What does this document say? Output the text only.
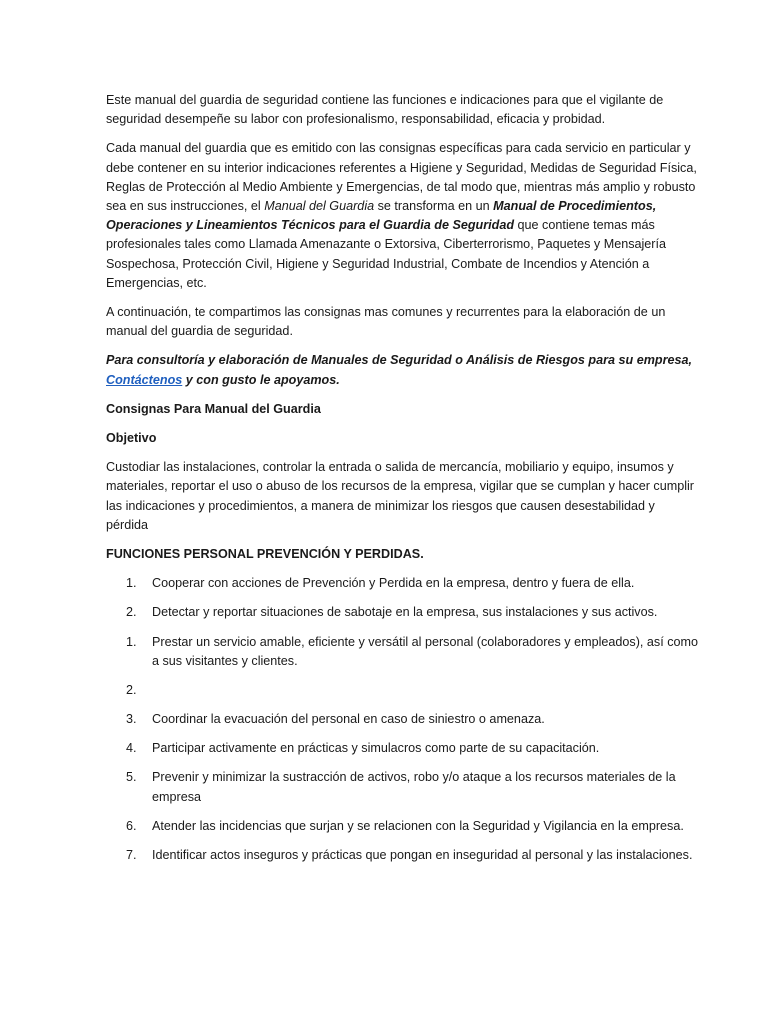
Este manual del guardia de seguridad contiene las funciones e indicaciones para que el vigilante de seguridad desempeñe su labor con profesionalismo, responsabilidad, eficacia y probidad.

Cada manual del guardia que es emitido con las consignas específicas para cada servicio en particular y debe contener en su interior indicaciones referentes a Higiene y Seguridad, Medidas de Seguridad Física, Reglas de Protección al Medio Ambiente y Emergencias, de tal modo que, mientras más amplio y robusto sea en sus instrucciones, el Manual del Guardia se transforma en un Manual de Procedimientos, Operaciones y Lineamientos Técnicos para el Guardia de Seguridad que contiene temas más profesionales tales como Llamada Amenazante o Extorsiva, Ciberterrorismo, Paquetes y Mensajería Sospechosa, Protección Civil, Higiene y Seguridad Industrial, Combate de Incendios y Atención a Emergencias, etc.

A continuación, te compartimos las consignas mas comunes y recurrentes para la elaboración de un manual del guardia de seguridad.

Para consultoría y elaboración de Manuales de Seguridad o Análisis de Riesgos para su empresa, Contáctenos y con gusto le apoyamos.

Consignas Para Manual del Guardia

Objetivo

Custodiar las instalaciones, controlar la entrada o salida de mercancía, mobiliario y equipo, insumos y materiales, reportar el uso o abuso de los recursos de la empresa, vigilar que se cumplan y hacer cumplir las indicaciones y procedimientos, a manera de minimizar los riesgos que causen desestabilidad y pérdida

FUNCIONES PERSONAL PREVENCIÓN Y PERDIDAS.

1. Cooperar con acciones de Prevención y Perdida en la empresa, dentro y fuera de ella.
2. Detectar y reportar situaciones de sabotaje en la empresa, sus instalaciones y sus activos.
1. Prestar un servicio amable, eficiente y versátil al personal (colaboradores y empleados), así como a sus visitantes y clientes.
2.
3. Coordinar la evacuación del personal en caso de siniestro o amenaza.
4. Participar activamente en prácticas y simulacros como parte de su capacitación.
5. Prevenir y minimizar la sustracción de activos, robo y/o ataque a los recursos materiales de la empresa
6. Atender las incidencias que surjan y se relacionen con la Seguridad y Vigilancia en la empresa.
7. Identificar actos inseguros y prácticas que pongan en inseguridad al personal y las instalaciones.
